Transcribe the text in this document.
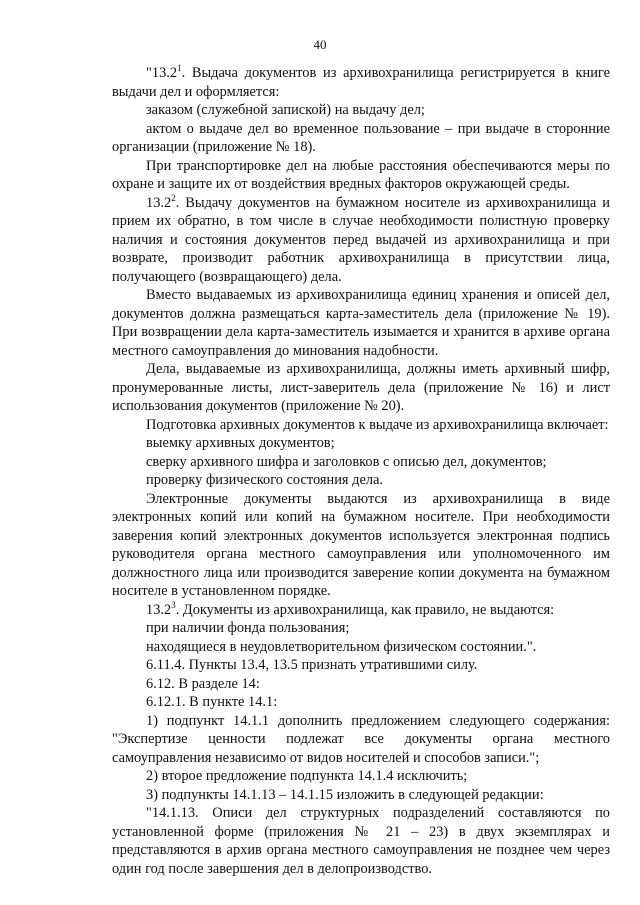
40

"13.2$^1$. Выдача документов из архивохранилища регистрируется в книге выдачи дел и оформляется:

заказом (служебной запиской) на выдачу дел;

актом о выдаче дел во временное пользование – при выдаче в сторонние организации (приложение № 18).

При транспортировке дел на любые расстояния обеспечиваются меры по охране и защите их от воздействия вредных факторов окружающей среды.

13.2$^2$. Выдачу документов на бумажном носителе из архивохранилища и прием их обратно, в том числе в случае необходимости полистную проверку наличия и состояния документов перед выдачей из архивохранилища и при возврате, производит работник архивохранилища в присутствии лица, получающего (возвращающего) дела.

Вместо выдаваемых из архивохранилища единиц хранения и описей дел, документов должна размещаться карта-заместитель дела (приложение № 19). При возвращении дела карта-заместитель изымается и хранится в архиве органа местного самоуправления до минования надобности.

Дела, выдаваемые из архивохранилища, должны иметь архивный шифр, пронумерованные листы, лист-заверитель дела (приложение № 16) и лист использования документов (приложение № 20).

Подготовка архивных документов к выдаче из архивохранилища включает:

выемку архивных документов;

сверку архивного шифра и заголовков с описью дел, документов;

проверку физического состояния дела.

Электронные документы выдаются из архивохранилища в виде электронных копий или копий на бумажном носителе. При необходимости заверения копий электронных документов используется электронная подпись руководителя органа местного самоуправления или уполномоченного им должностного лица или производится заверение копии документа на бумажном носителе в установленном порядке.

13.2$^3$. Документы из архивохранилища, как правило, не выдаются:

при наличии фонда пользования;

находящиеся в неудовлетворительном физическом состоянии.".

6.11.4. Пункты 13.4, 13.5 признать утратившими силу.

6.12. В разделе 14:

6.12.1. В пункте 14.1:

1) подпункт 14.1.1 дополнить предложением следующего содержания: "Экспертизе ценности подлежат все документы органа местного самоуправления независимо от видов носителей и способов записи.";

2) второе предложение подпункта 14.1.4 исключить;

3) подпункты 14.1.13 – 14.1.15 изложить в следующей редакции:

"14.1.13. Описи дел структурных подразделений составляются по установленной форме (приложения № 21 – 23) в двух экземплярах и представляются в архив органа местного самоуправления не позднее чем через один год после завершения дел в делопроизводство.
